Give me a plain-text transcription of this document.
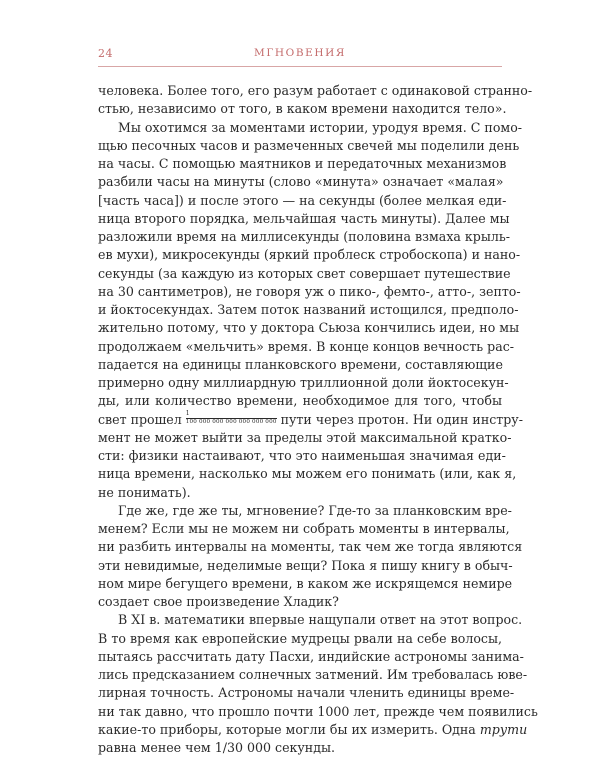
24	МГНОВЕНИЯ
человека. Более того, его разум работает с одинаковой странно-
стью, независимо от того, в каком времени находится тело».
Мы охотимся за моментами истории, уродуя время. С помо-
щью песочных часов и размеченных свечей мы поделили день
на часы. С помощью маятников и передаточных механизмов
разбили часы на минуты (слово «минута» означает «малая»
[часть часа]) и после этого — на секунды (более мелкая еди-
ница второго порядка, мельчайшая часть минуты). Далее мы
разложили время на миллисекунды (половина взмаха крыль-
ев мухи), микросекунды (яркий проблеск стробоскопа) и нано-
секунды (за каждую из которых свет совершает путешествие
на 30 сантиметров), не говоря уж о пико-, фемто-, атто-, зепто-
и йоктосекундах. Затем поток названий истощился, предполо-
жительно потому, что у доктора Сьюза кончились идеи, но мы
продолжаем «мельчить» время. В конце концов вечность рас-
падается на единицы планковского времени, составляющие
примерно одну миллиардную триллионной доли йоктосекун-
ды, или количество времени, необходимое для того, чтобы
свет прошел $\frac{1}{100 000 000 000 000 000 000}$ пути через протон. Ни один инстру-
мент не может выйти за пределы этой максимальной кратко-
сти: физики настаивают, что это наименьшая значимая еди-
ница времени, насколько мы можем его понимать (или, как я,
не понимать).
Где же, где же ты, мгновение? Где-то за планковским вре-
менем? Если мы не можем ни собрать моменты в интервалы,
ни разбить интервалы на моменты, так чем же тогда являются
эти невидимые, неделимые вещи? Пока я пишу книгу в обыч-
ном мире бегущего времени, в каком же искрящемся немире
создает свое произведение Хладик?
В XI в. математики впервые нащупали ответ на этот вопрос.
В то время как европейские мудрецы рвали на себе волосы,
пытаясь рассчитать дату Пасхи, индийские астрономы занима-
лись предсказанием солнечных затмений. Им требовалась юве-
лирная точность. Астрономы начали членить единицы време-
ни так давно, что прошло почти 1000 лет, прежде чем появились
какие-то приборы, которые могли бы их измерить. Одна трути
равна менее чем 1/30 000 секунды.
